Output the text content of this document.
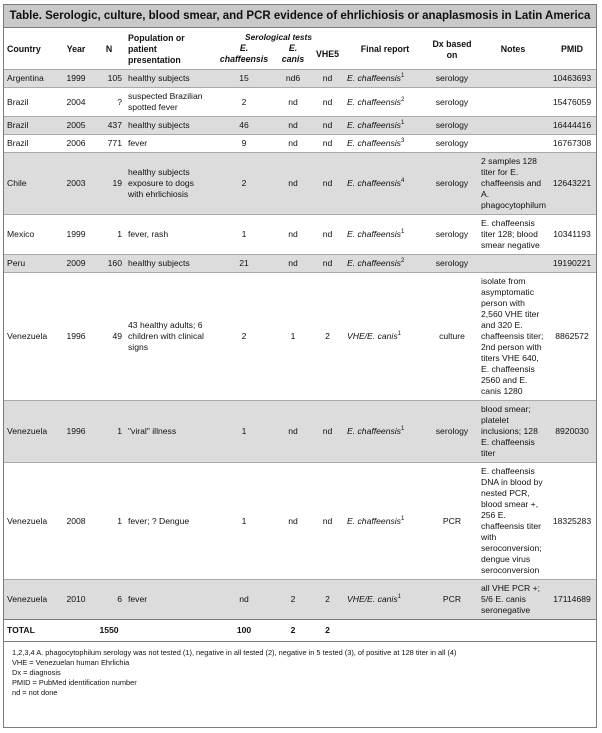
Table. Serologic, culture, blood smear, and PCR evidence of ehrlichiosis or anaplasmosis in Latin America
Country	Year	N	Population or patient presentation	Serological tests			Final report	Dx based on	Notes	PMID
				E. chaffeensis	E. canis	VHE5				
Argentina	1999	105	healthy subjects	15	nd6	nd	E. chaffeensis$^1$	serology		10463693
Brazil	2004	?	suspected Brazilian spotted fever	2	nd	nd	E. chaffeensis$^2$	serology		15476059
Brazil	2005	437	healthy subjects	46	nd	nd	E. chaffeensis$^1$	serology		16444416
Brazil	2006	771	fever	9	nd	nd	E. chaffeensis$^3$	serology		16767308
Chile	2003	19	healthy subjects exposure to dogs with ehrlichiosis	2	nd	nd	E. chaffeensis$^4$	serology	2 samples 128 titer for E. chaffeensis and A. phagocytophilum	12643221
Mexico	1999	1	fever, rash	1	nd	nd	E. chaffeensis$^1$	serology	E. chaffeensis titer 128; blood smear negative	10341193
Peru	2009	160	healthy subjects	21	nd	nd	E. chaffeensis$^2$	serology		19190221
Venezuela	1996	49	43 healthy adults; 6 children with clinical signs	2	1	2	VHE/E. canis$^1$	culture	isolate from asymptomatic person with 2,560 VHE titer and 320 E. chaffeensis titer; 2nd person with titers VHE 640, E. chaffeensis 2560 and E. canis 1280	8862572
Venezuela	1996	1	"viral" illness	1	nd	nd	E. chaffeensis$^1$	serology	blood smear; platelet inclusions; 128 E. chaffeensis titer	8920030
Venezuela	2008	1	fever; ? Dengue	1	nd	nd	E. chaffeensis$^1$	PCR	E. chaffeensis DNA in blood by nested PCR, blood smear +, 256 E. chaffeensis titer with seroconversion; dengue virus seroconversion	18325283
Venezuela	2010	6	fever	nd	2	2	VHE/E. canis$^1$	PCR	all VHE PCR +; 5/6 E. canis seronegative	17114689
TOTAL		1550		100	2	2				
1,2,3,4 A. phagocytophilum serology was not tested (1), negative in all tested (2), negative in 5 tested (3), of positive at 128 titer in all (4)
VHE = Venezuelan human Ehrlichia
Dx = diagnosis
PMID = PubMed identification number
nd = not done
